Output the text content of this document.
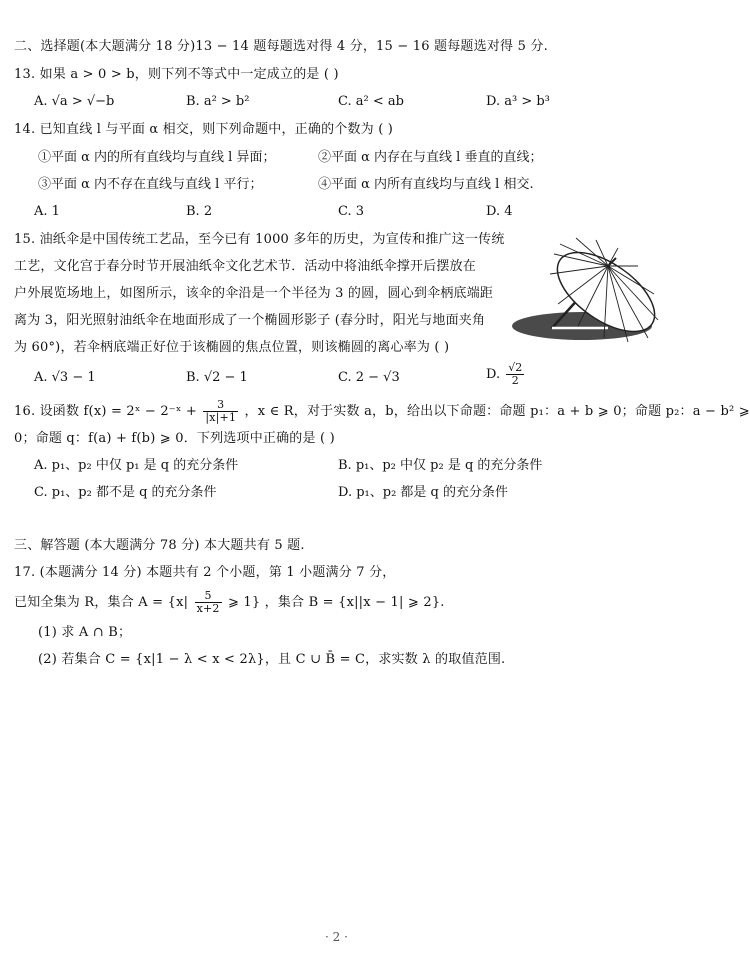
二、选择题(本大题满分 18 分)13 − 14 题每题选对得 4 分，15 − 16 题每题选对得 5 分.
13. 如果 a > 0 > b，则下列不等式中一定成立的是 ( )
A. √a > √−b	B. a² > b²	C. a² < ab	D. a³ > b³
14. 已知直线 l 与平面 α 相交，则下列命题中，正确的个数为 ( )
①平面 α 内的所有直线均与直线 l 异面；	②平面 α 内存在与直线 l 垂直的直线；
③平面 α 内不存在直线与直线 l 平行；	④平面 α 内所有直线均与直线 l 相交.
A. 1	B. 2	C. 3	D. 4
15. 油纸伞是中国传统工艺品，至今已有 1000 多年的历史，为宣传和推广这一传统
工艺，文化宫于春分时节开展油纸伞文化艺术节．活动中将油纸伞撑开后摆放在
户外展览场地上，如图所示，该伞的伞沿是一个半径为 3 的圆，圆心到伞柄底端距
离为 3，阳光照射油纸伞在地面形成了一个椭圆形影子 (春分时，阳光与地面夹角
为 60°)，若伞柄底端正好位于该椭圆的焦点位置，则该椭圆的离心率为 ( )
A. √3 − 1	B. √2 − 1	C. 2 − √3	D. $\frac{√2}{2}$
16. 设函数 f(x) = 2ˣ − 2⁻ˣ + $\frac{3}{|x|+1}$ ，x ∈ R，对于实数 a，b，给出以下命题：命题 p₁：a + b ⩾ 0；命题 p₂：a − b² ⩾
0；命题 q：f(a) + f(b) ⩾ 0．下列选项中正确的是 ( )
A. p₁、p₂ 中仅 p₁ 是 q 的充分条件	B. p₁、p₂ 中仅 p₂ 是 q 的充分条件
C. p₁、p₂ 都不是 q 的充分条件	D. p₁、p₂ 都是 q 的充分条件
三、解答题 (本大题满分 78 分) 本大题共有 5 题.
17. (本题满分 14 分) 本题共有 2 个小题，第 1 小题满分 7 分，
已知全集为 R，集合 $A = \{x| \frac{5}{x+2}$ ⩾ 1} ，集合 B = {x||x − 1| ⩾ 2}.
(1) 求 A ∩ B；
(2) 若集合 C = {x|1 − λ < x < 2λ}，且 C ∪ B̄ = C，求实数 λ 的取值范围.
· 2 ·
